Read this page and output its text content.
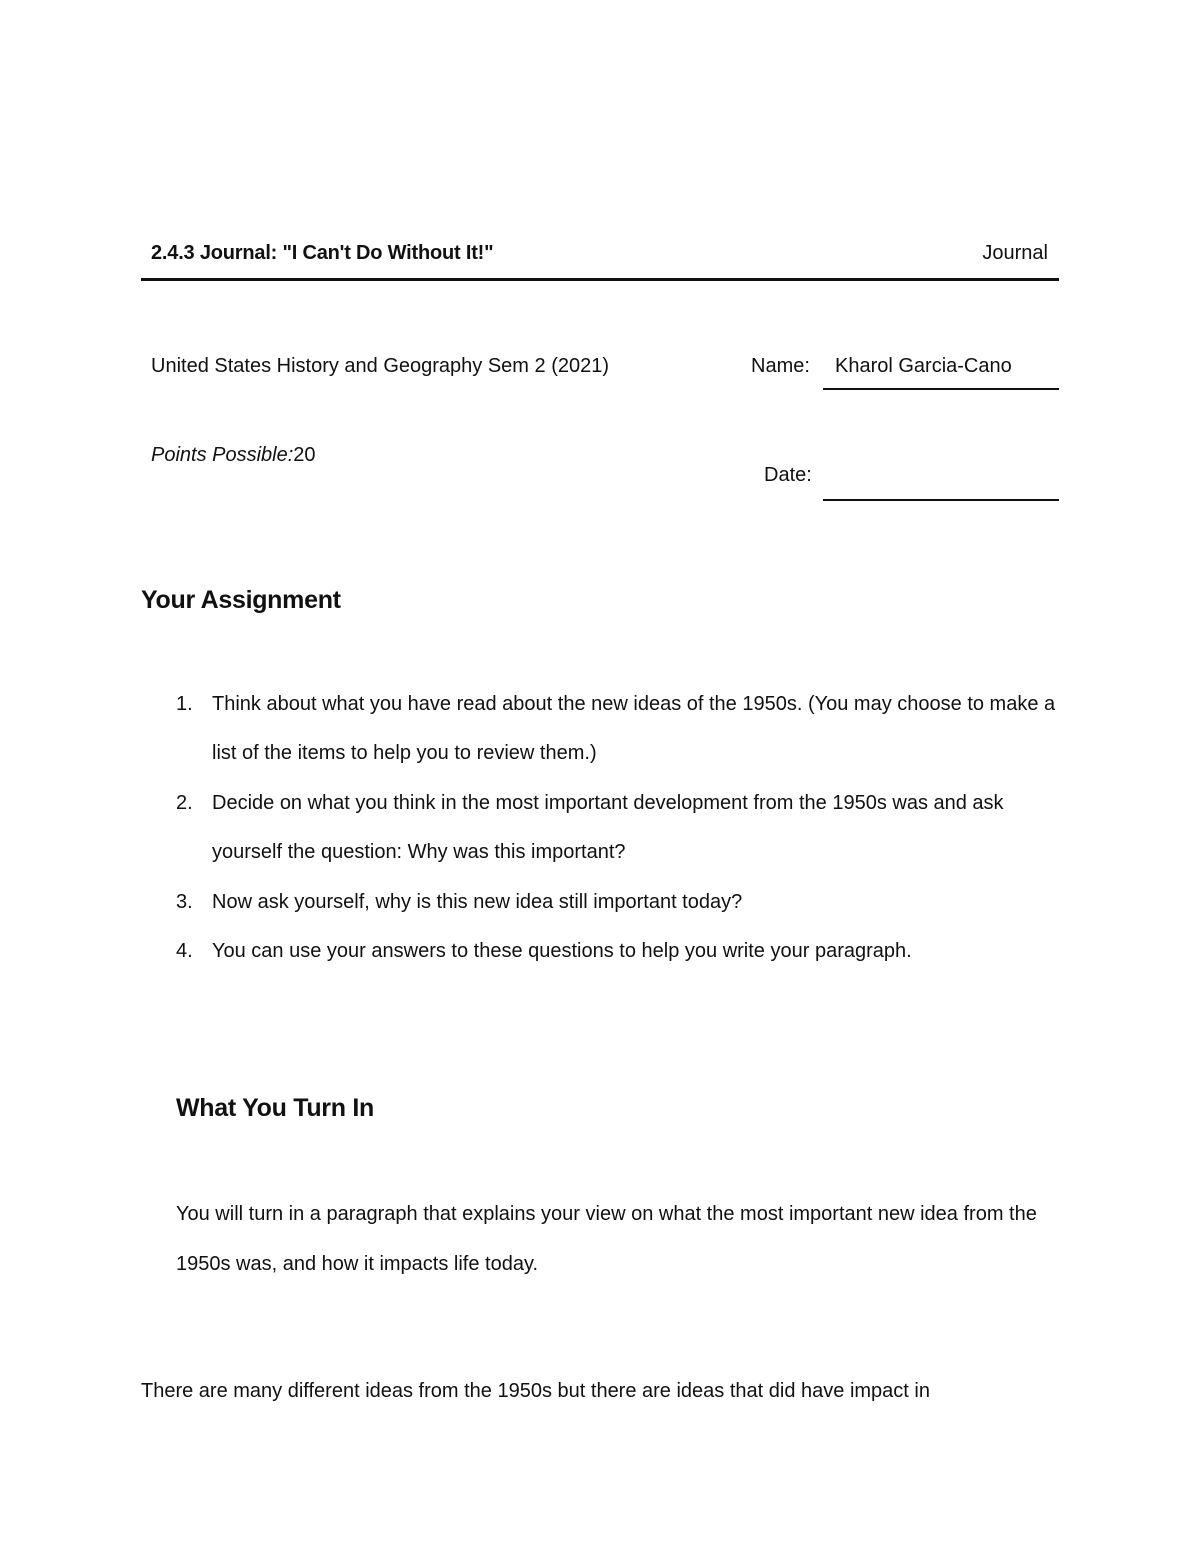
2.4.3 Journal: "I Can't Do Without It!"	Journal
United States History and Geography Sem 2 (2021)	Name: Kharol Garcia-Cano
Points Possible:20
Date:
Your Assignment
1. Think about what you have read about the new ideas of the 1950s. (You may choose to make a list of the items to help you to review them.)
2. Decide on what you think in the most important development from the 1950s was and ask yourself the question: Why was this important?
3. Now ask yourself, why is this new idea still important today?
4. You can use your answers to these questions to help you write your paragraph.
What You Turn In

You will turn in a paragraph that explains your view on what the most important new idea from the 1950s was, and how it impacts life today.

There are many different ideas from the 1950s but there are ideas that did have impact in
